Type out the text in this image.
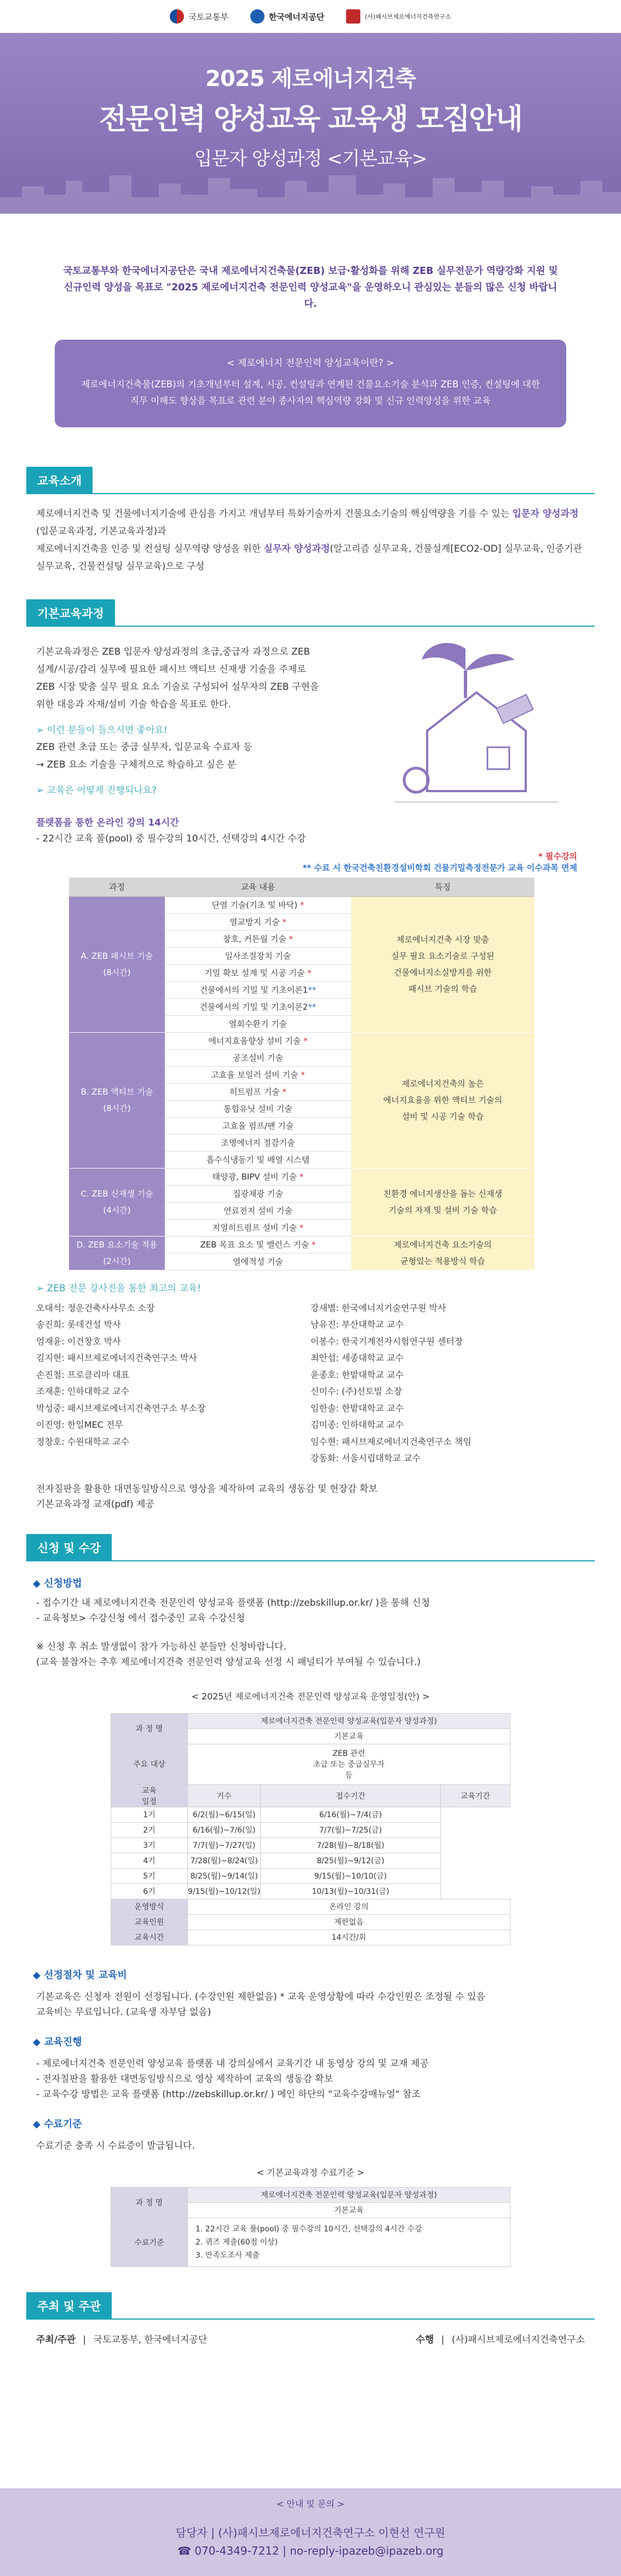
국토교통부	한국에너지공단	(사)패시브제로에너지건축연구소
2025 제로에너지건축
전문인력 양성교육 교육생 모집안내
입문자 양성과정 <기본교육>
국토교통부와 한국에너지공단은 국내 제로에너지건축물(ZEB) 보급·활성화를 위해 ZEB 실무전문가 역량강화 지원 및 신규인력 양성을 목표로 "2025 제로에너지건축 전문인력 양성교육"을 운영하오니 관심있는 분들의 많은 신청 바랍니다.
< 제로에너지 전문인력 양성교육이란? >
제로에너지건축물(ZEB)의 기초개념부터 설계, 시공, 컨설팅과 연계된 건물요소기술 분석과 ZEB 인증, 컨설팅에 대한 직무 이해도 향상을 목표로 관련 분야 종사자의 핵심역량 강화 및 신규 인력양성을 위한 교육
교육소개
제로에너지건축 및 건물에너지기술에 관심을 가지고 개념부터 특화기술까지 건물요소기술의 핵심역량을 기를 수 있는 입문자 양성과정(입문교육과정, 기본교육과정)과
제로에너지건축을 인증 및 컨설팅 실무역량 양성을 위한 실무자 양성과정(알고리즘 실무교육, 건물설계[ECO2-OD] 실무교육, 인증기관 실무교육, 건물컨설팅 실무교육)으로 구성
기본교육과정
기본교육과정은 ZEB 입문자 양성과정의 초급,중급자 과정으로 ZEB 설계/시공/감리 실무에 필요한 패시브 액티브 신재생 기술을 주제로 ZEB 시장 맞춤 실무 필요 요소 기술로 구성되어 설무자의 ZEB 구현을 위한 대응과 자재/설비 기술 학습을 목표로 한다.
➢ 이런 분들이 들으시면 좋아요!
ZEB 관련 초급 또는 중급 실무자, 입문교육 수료자 등
→ ZEB 요소 기술을 구체적으로 학습하고 싶은 분
➢ 교육은 어떻게 진행되나요?
플랫폼을 통한 온라인 강의 14시간
- 22시간 교육 풀(pool) 중 필수강의 10시간, 선택강의 4시간 수강
* 필수강의
** 수료 시 한국건축친환경설비학회 건물기밀측정전문가 교육 이수과목 면제
과정	교육 내용	특징
A. ZEB 패시브 기술
(8시간)	단열 기술(기초 및 바닥) *	제로에너지건축 시장 맞춤
실무 필요 요소기술로 구성된
건물에너지소실방지를 위한
패시브 기술의 학습
	열교방지 기술 *	
	창호, 커튼월 기술 *	
	일사조절장치 기술	
	기밀 확보 설계 및 시공 기술 *	
	건물에서의 기밀 및 기초이론1**	
	건물에서의 기밀 및 기초이론2**	
	열회수환기 기술	
B. ZEB 액티브 기술
(8시간)	에너지효율향상 설비 기술 *	제로에너지건축의 높은
에너지효율을 위한 액티브 기술의
설비 및 시공 기술 학습
	공조설비 기술	
	고효율 보일러 설비 기술 *	
	히트펌프 기술 *	
	통합유닛 설비 기술	
	고효율 펌프/팬 기술	
	조명에너지 절감기술	
	흡수식냉동기 및 배열 시스템	
C. ZEB 신재생 기술
(4시간)	태양광, BIPV 설비 기술 *	친환경 에너지생산을 돕는 신재생
기술의 자재 및 설비 기술 학습
	집광채광 기술	
	연료전지 설비 기술	
	지열히트펌프 설비 기술 *	
D. ZEB 요소기술 적용
(2시간)	ZEB 목표 요소 및 밸런스 기술 *	제로에너지건축 요소기술의
균형있는 적용방식 학습
	열에적성 기술	
➢ ZEB 전문 강사진을 통한 최고의 교육!
오대석: 정운건축사사무소 소장
송진희: 롯데건설 박사
엄재윤: 이건창호 박사
김지현: 패시브제로에너지건축연구소 박사
손진철: 프로클리마 대표
조재훈: 인하대학교 교수
박성중: 패시브제로에너지건축연구소 부소장
이진영: 한일MEC 전무
정창호: 수원대학교 교수
강새별: 한국에너지기술연구원 박사
남유진: 부산대학교 교수
이봉수: 한국기계전자시험연구원 센터장
최안섭: 세종대학교 교수
윤종호: 한밭대학교 교수
신미수: (주)선토빌 소장
임한솔: 한밭대학교 교수
김미종: 인하대학교 교수
임수현: 패시브제로에너지건축연구소 책임
강동화: 서울시립대학교 교수
전자칠판을 활용한 대면동일방식으로 영상을 제작하여 교육의 생동감 및 현장감 확보
기본교육과정 교재(pdf) 제공
신청 및 수강
◆ 신청방법
- 접수기간 내 제로에너지건축 전문인력 양성교육 플랫폼 (http://zebskillup.or.kr/ )을 통해 신청
- 교육청보> 수강신청 에서 접수중인 교육 수강신청
※ 신청 후 취소 발생없이 참가 가능하신 분들만 신청바랍니다.
(교육 불참자는 추후 제로에너지건축 전문인력 양성교육 선정 시 패널티가 부여될 수 있습니다.)
< 2025년 제로에너지건축 전문인력 양성교육 운영일정(안) >
과 정 명	제로에너지건축 전문인력 양성교육(입문자 양성과정)		
	기본교육		
주요 대상	ZEB 관련
초급 또는 중급실무자
등		
교육
일정	기수	접수기간	교육기간
1기	6/2(월)~6/15(일)	6/16(월)~7/4(금)	
2기	6/16(월)~7/6(일)	7/7(월)~7/25(금)	
3기	7/7(월)~7/27(일)	7/28(월)~8/18(월)	
4기	7/28(월)~8/24(일)	8/25(월)~9/12(금)	
5기	8/25(월)~9/14(일)	9/15(월)~10/10(금)	
6기	9/15(월)~10/12(일)	10/13(월)~10/31(금)	
운영방식	온라인 강의		
교육인원	제한없음		
교육시간	14시간/회		
◆ 선정절차 및 교육비
기본교육은 신청자 전원이 선정됩니다. (수강인원 제한없음) * 교육 운영상황에 따라 수강인원은 조정될 수 있음
교육비는 무료입니다. (교육생 자부담 없음)
◆ 교육진행
- 제로에너지건축 전문인력 양성교육 플랫폼 내 강의실에서 교육기간 내 동영상 강의 및 교재 제공
- 전자칠판을 활용한 대면동일방식으로 영상 제작하여 교육의 생동감 확보
- 교육수강 방법은 교육 플랫폼 (http://zebskillup.or.kr/ ) 메인 하단의 "교육수강매뉴얼" 참조
◆ 수료기준
수료기준 충족 시 수료증이 발급됩니다.
< 기본교육과정 수료기준 >
과 정 명	제로에너지건축 전문인력 양성교육(입문자 양성과정)
	기본교육
수료기준	1. 22시간 교육 풀(pool) 중 필수강의 10시간, 선택강의 4시간 수강
2. 퀴즈 제출(60점 이상)
3. 만족도조사 제출
주최 및 주관
주최/주관 | 국토교통부, 한국에너지공단	수행 | (사)패시브제로에너지건축연구소
< 안내 및 문의 >
담당자 | (사)패시브제로에너지건축연구소 이현선 연구원
☎ 070-4349-7212 | no-reply-ipazeb@ipazeb.org
